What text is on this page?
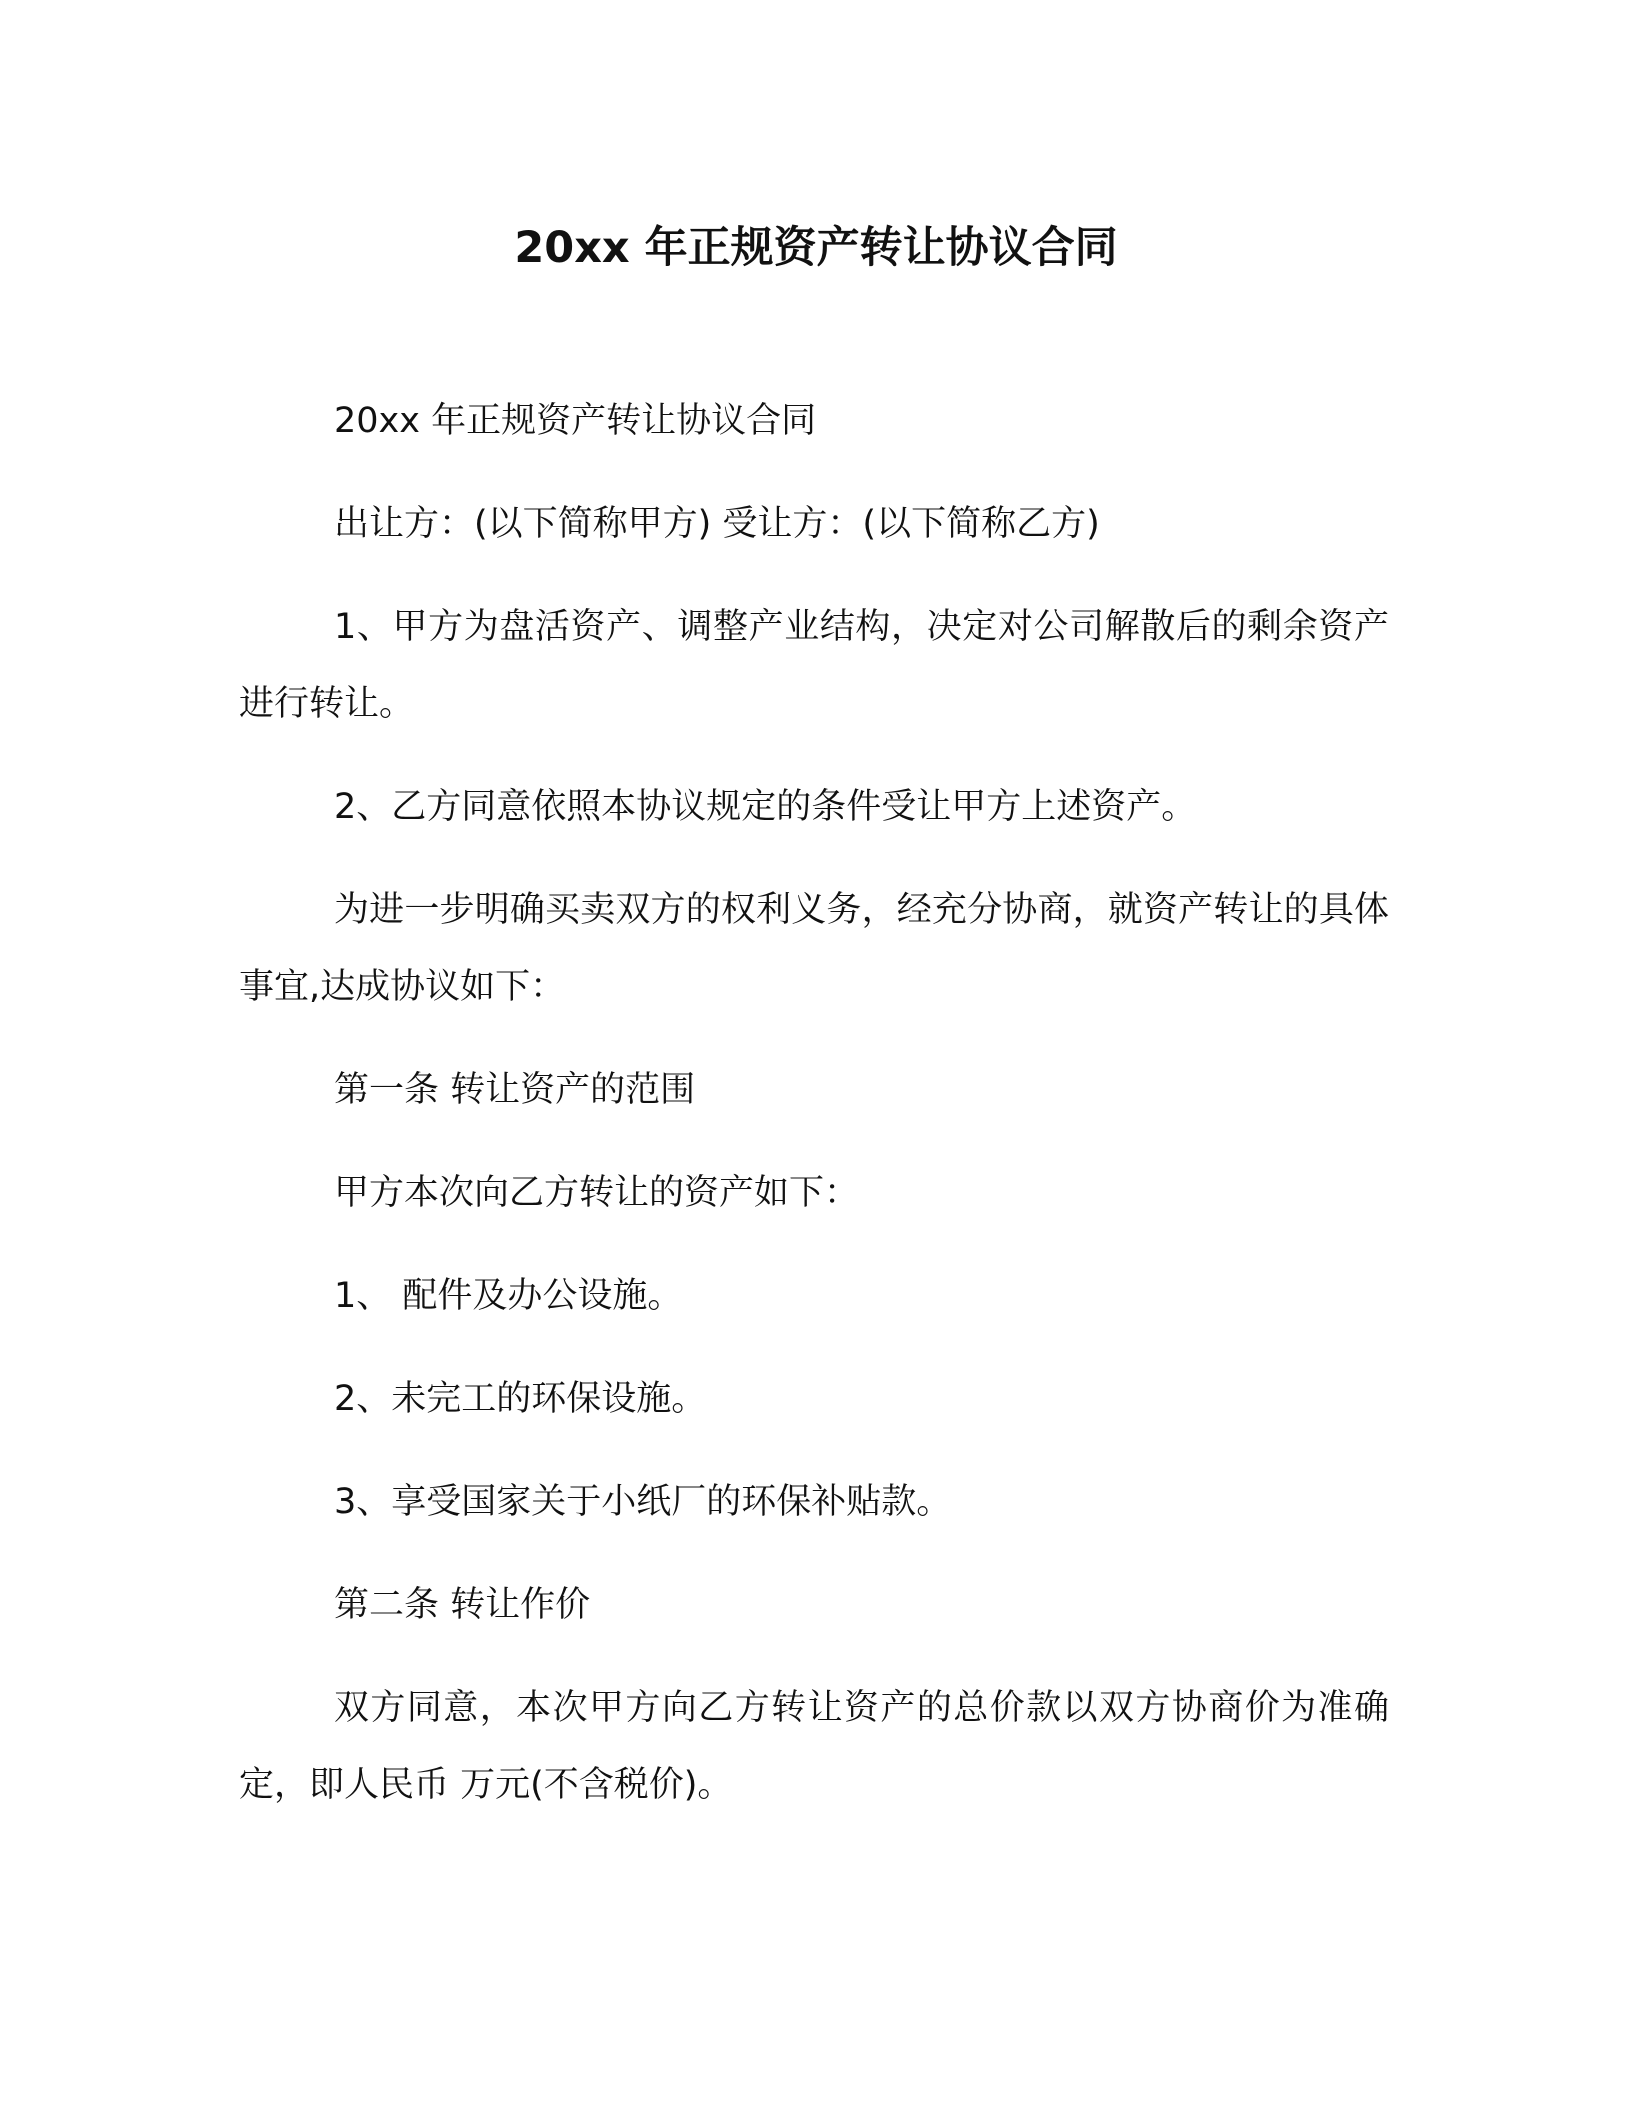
20xx 年正规资产转让协议合同

20xx 年正规资产转让协议合同

出让方：(以下简称甲方) 受让方：(以下简称乙方)

1、甲方为盘活资产、调整产业结构，决定对公司解散后的剩余资产进行转让。

2、乙方同意依照本协议规定的条件受让甲方上述资产。

为进一步明确买卖双方的权利义务，经充分协商，就资产转让的具体事宜,达成协议如下：

第一条 转让资产的范围

甲方本次向乙方转让的资产如下：

1、 配件及办公设施。

2、未完工的环保设施。

3、享受国家关于小纸厂的环保补贴款。

第二条 转让作价

双方同意，本次甲方向乙方转让资产的总价款以双方协商价为准确定，即人民币 万元(不含税价)。
